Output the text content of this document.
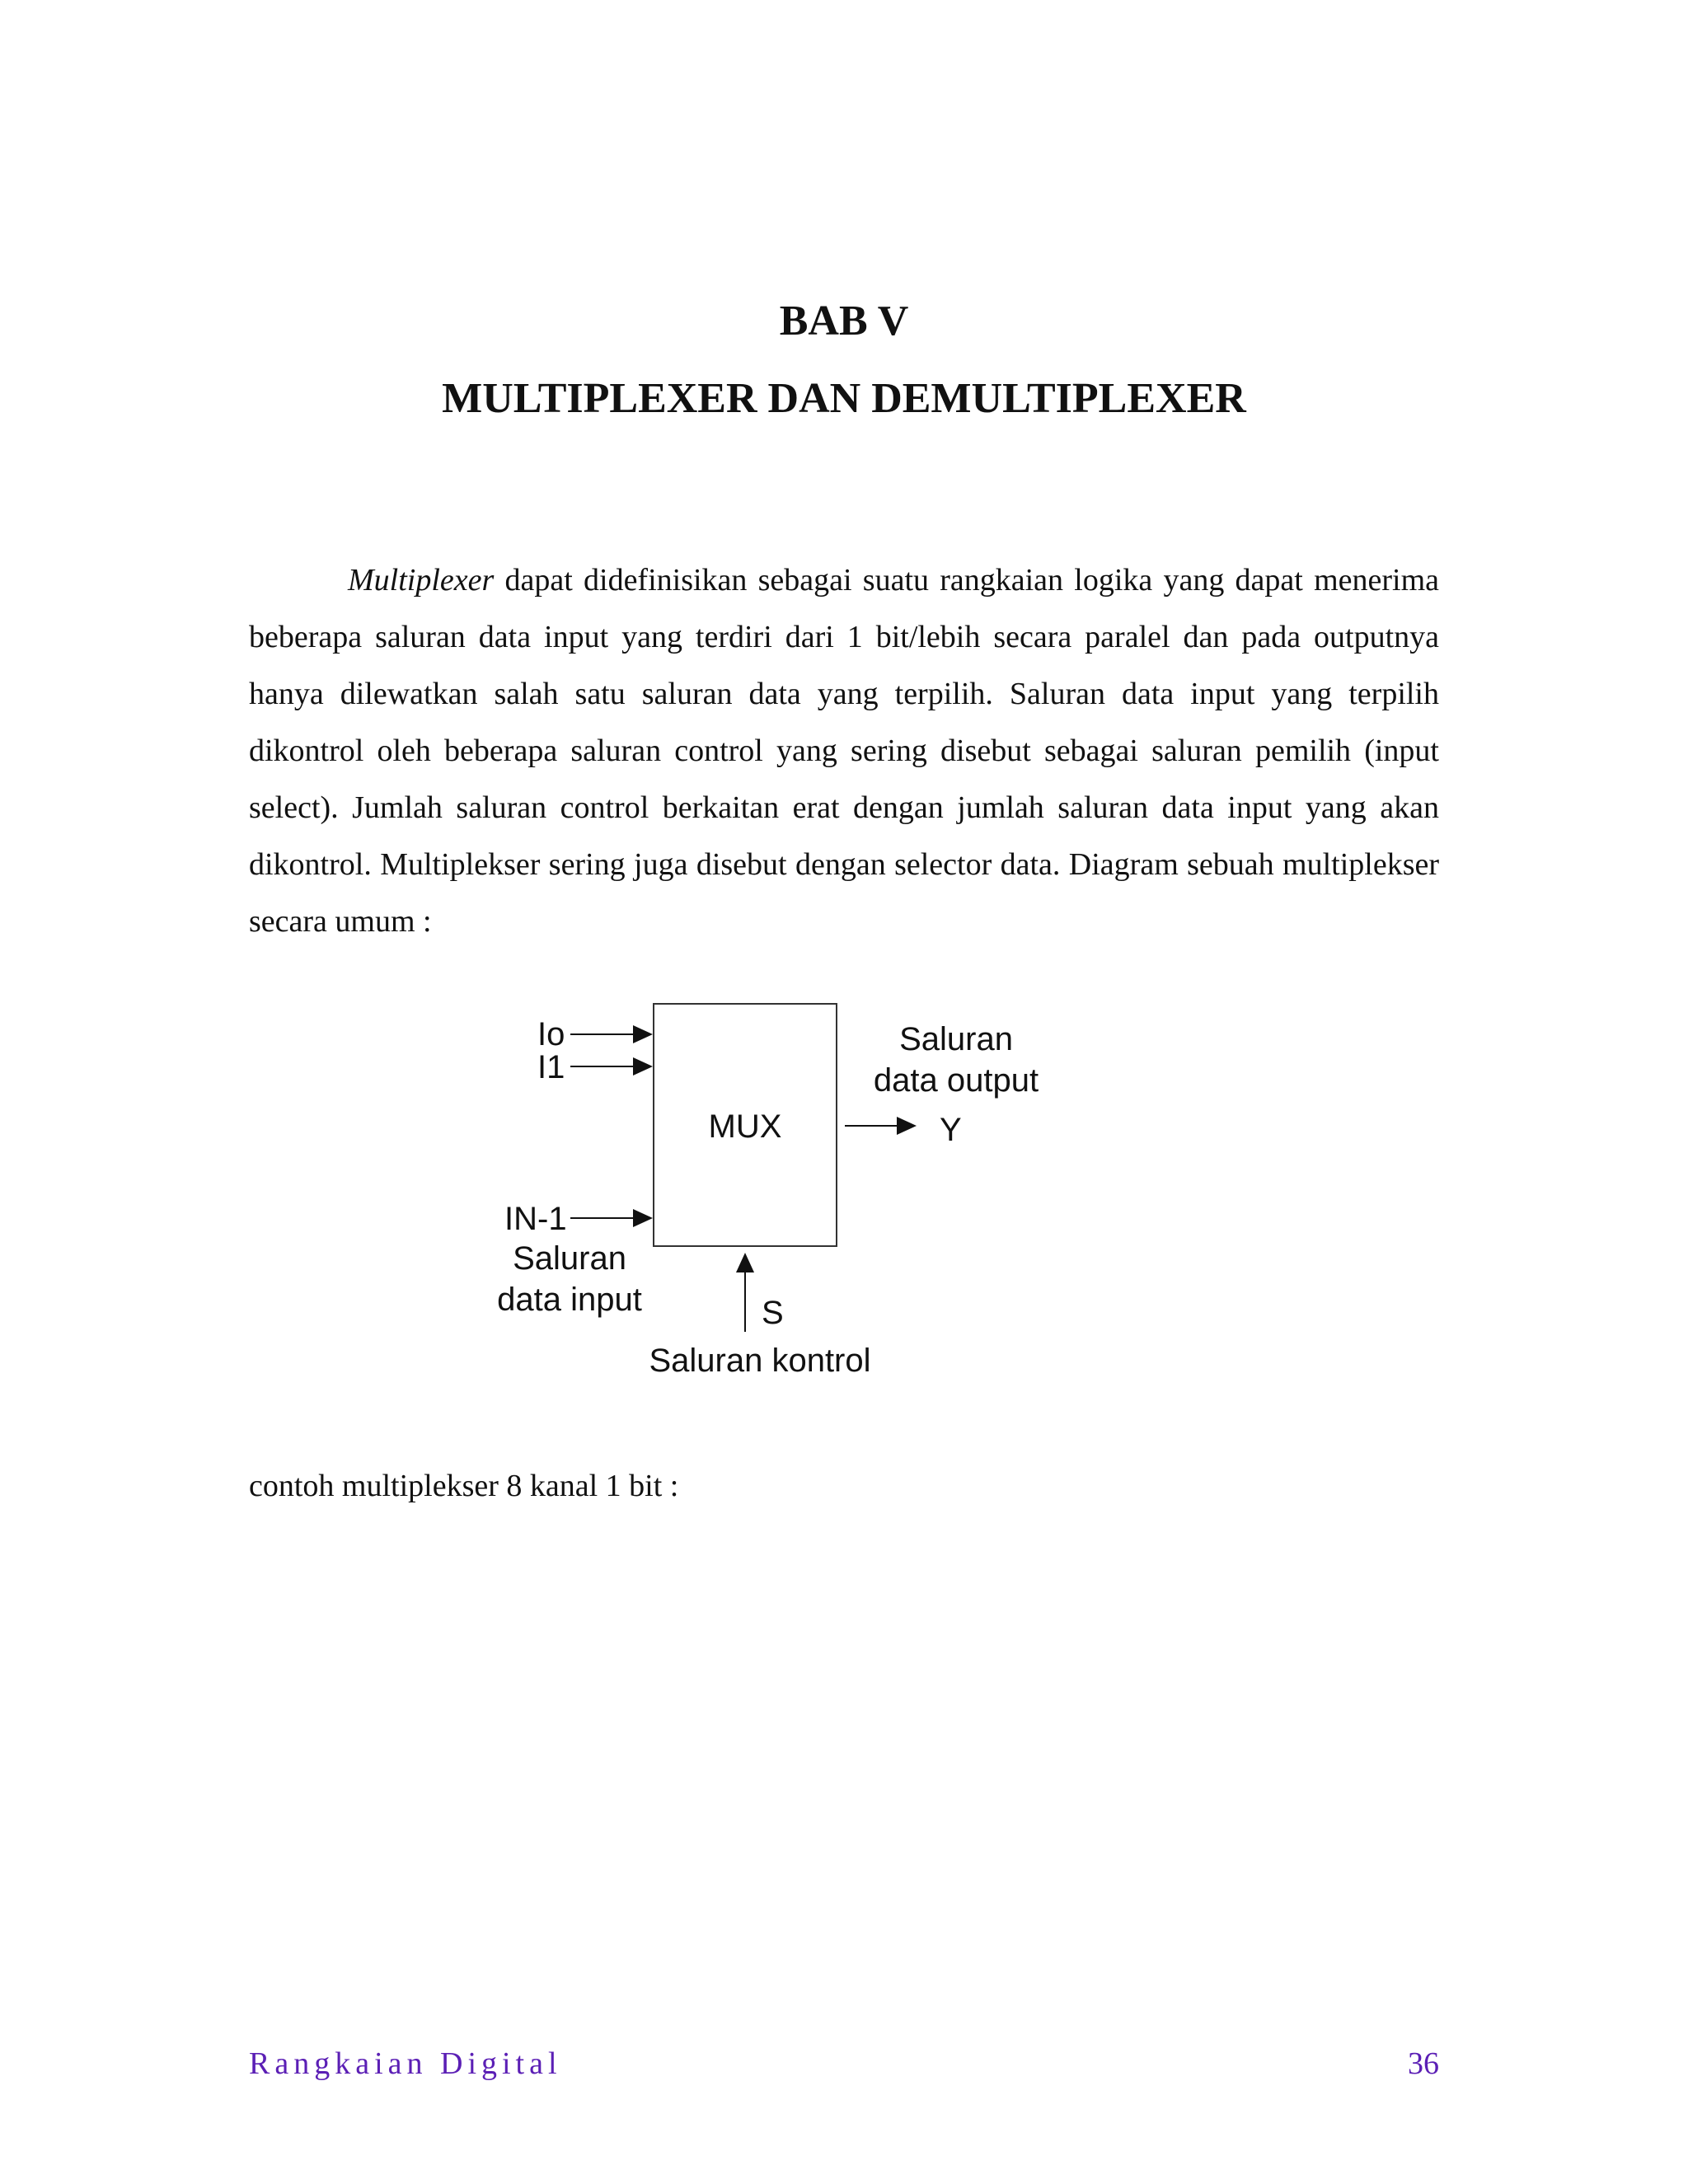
BAB V
MULTIPLEXER DAN DEMULTIPLEXER

Multiplexer dapat didefinisikan sebagai suatu rangkaian logika yang dapat menerima beberapa saluran data input yang terdiri dari 1 bit/lebih secara paralel dan pada outputnya hanya dilewatkan salah satu saluran data yang terpilih. Saluran data input yang terpilih dikontrol oleh beberapa saluran control yang sering disebut sebagai saluran pemilih (input select). Jumlah saluran control berkaitan erat dengan jumlah saluran data input yang akan dikontrol. Multiplekser sering juga disebut dengan selector data. Diagram sebuah multiplekser secara umum :

Io
I1
IN-1
Saluran
data input
MUX
Saluran
data output
Y
S
Saluran kontrol

contoh multiplekser 8 kanal 1 bit :

Rangkaian Digital	36
